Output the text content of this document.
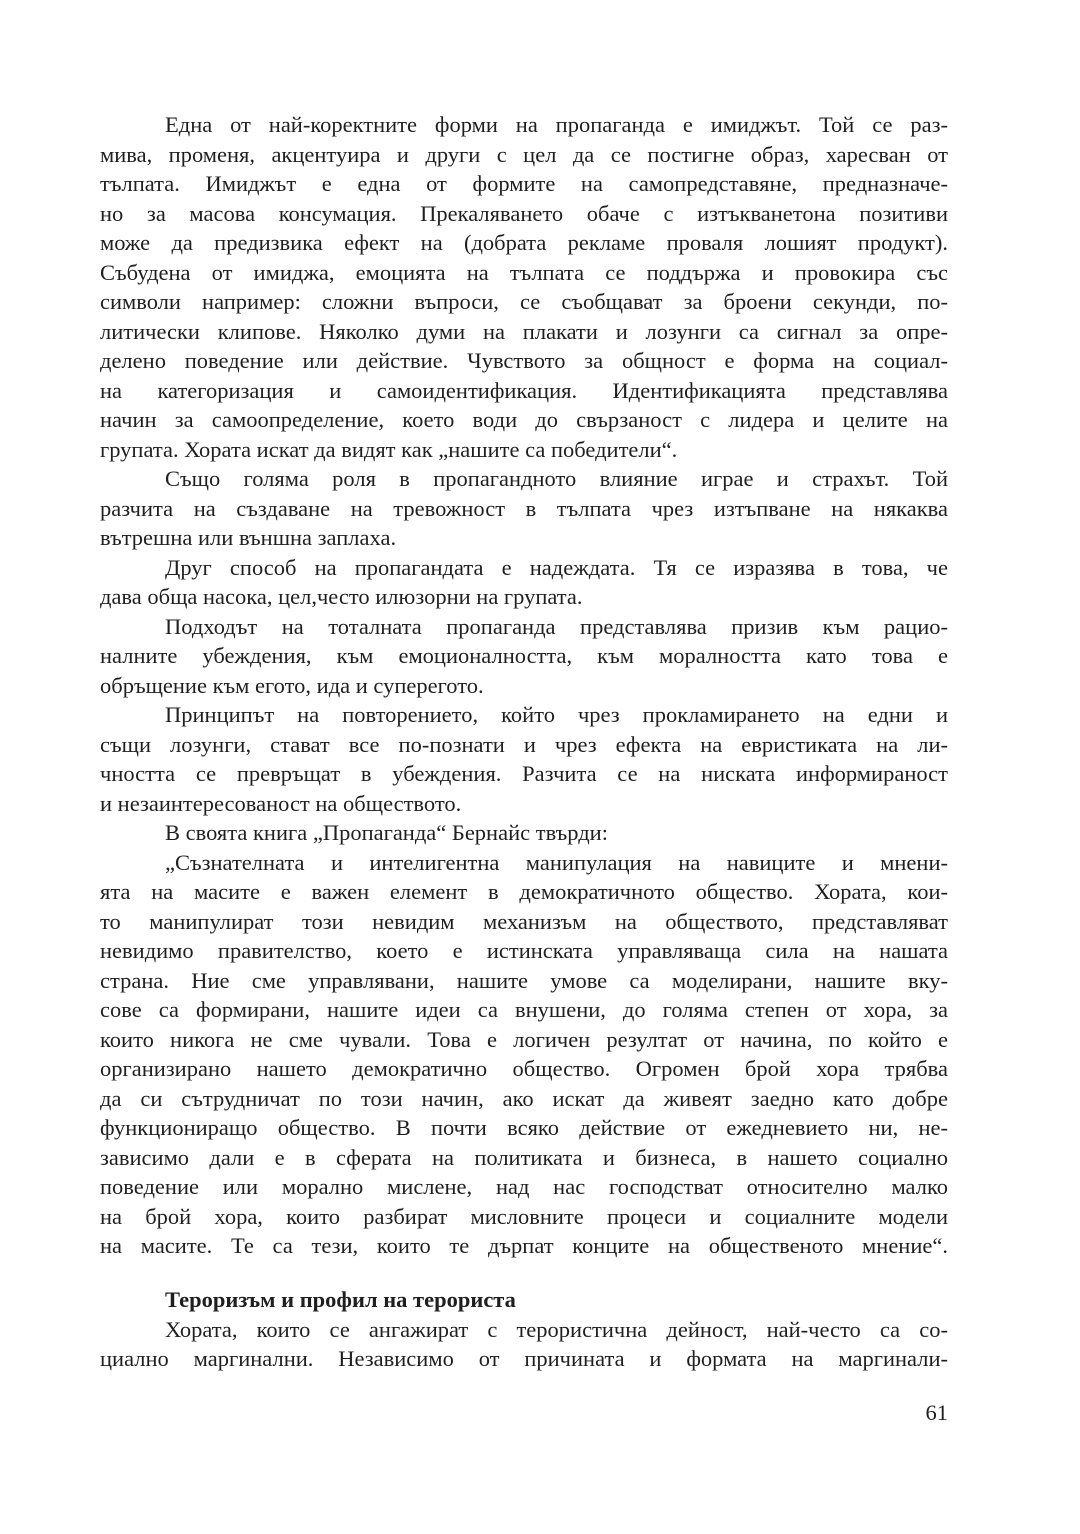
Една от най-коректните форми на пропаганда е имиджът. Той се раз-
мива, променя, акцентуира и други с цел да се постигне образ, харесван от
тълпата. Имиджът е една от формите на самопредставяне, предназначе-
но за масова консумация. Прекаляването обаче с изтъкванетона позитиви
може да предизвика ефект на (добрата рекламе проваля лошият продукт).
Събудена от имиджа, емоцията на тълпата се поддържа и провокира със
символи например: сложни въпроси, се съобщават за броени секунди, по-
литически клипове. Няколко думи на плакати и лозунги са сигнал за опре-
делено поведение или действие. Чувството за общност е форма на социал-
на категоризация и самоидентификация. Идентификацията представлява
начин за самоопределение, което води до свързаност с лидера и целите на
групата. Хората искат да видят как „нашите са победители“.
Също голяма роля в пропагандното влияние играе и страхът. Той
разчита на създаване на тревожност в тълпата чрез изтъпване на някаква
вътрешна или външна заплаха.
Друг способ на пропагандата е надеждата. Тя се изразява в това, че
дава обща насока, цел,често илюзорни на групата.
Подходът на тоталната пропаганда представлява призив към рацио-
налните убеждения, към емоционалността, към моралността като това е
обръщение към егото, ида и суперегото.
Принципът на повторението, който чрез прокламирането на едни и
същи лозунги, стават все по-познати и чрез ефекта на евристиката на ли-
чността се превръщат в убеждения. Разчита се на ниската информираност
и незаинтересованост на обществото.
В своята книга „Пропаганда“ Бернайс твърди:
„Съзнателната и интелигентна манипулация на навиците и мнени-
ята на масите е важен елемент в демократичното общество. Хората, кои-
то манипулират този невидим механизъм на обществото, представляват
невидимо правителство, което е истинската управляваща сила на нашата
страна. Ние сме управлявани, нашите умове са моделирани, нашите вку-
сове са формирани, нашите идеи са внушени, до голяма степен от хора, за
които никога не сме чували. Това е логичен резултат от начина, по който е
организирано нашето демократично общество. Огромен брой хора трябва
да си сътрудничат по този начин, ако искат да живеят заедно като добре
функциониращо общество. В почти всяко действие от ежедневието ни, не-
зависимо дали е в сферата на политиката и бизнеса, в нашето социално
поведение или морално мислене, над нас господстват относително малко
на брой хора, които разбират мисловните процеси и социалните модели
на масите. Те са тези, които те дърпат конците на общественото мнение“.
Тероризъм и профил на терориста
Хората, които се ангажират с терористична дейност, най-често са со-
циално маргинални. Независимо от причината и формата на маргинали-
61
